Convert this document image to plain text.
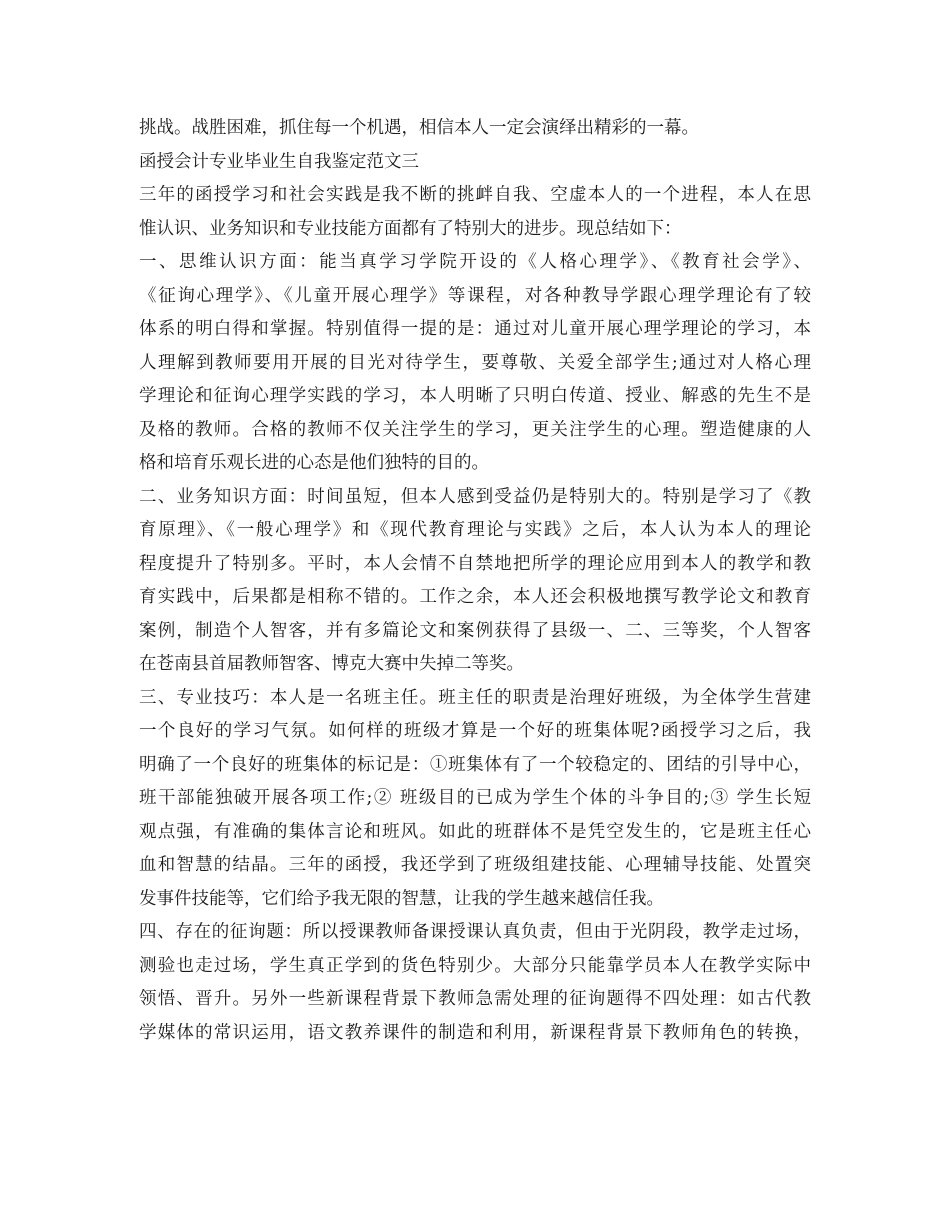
挑战。战胜困难，抓住每一个机遇，相信本人一定会演绎出精彩的一幕。
函授会计专业毕业生自我鉴定范文三
三年的函授学习和社会实践是我不断的挑衅自我、空虚本人的一个进程，本人在思
惟认识、业务知识和专业技能方面都有了特别大的进步。现总结如下：
一、思维认识方面：能当真学习学院开设的《人格心理学》、《教育社会学》、
《征询心理学》、《儿童开展心理学》等课程，对各种教导学跟心理学理论有了较
体系的明白得和掌握。特别值得一提的是：通过对儿童开展心理学理论的学习，本
人理解到教师要用开展的目光对待学生，要尊敬、关爱全部学生;通过对人格心理
学理论和征询心理学实践的学习，本人明晰了只明白传道、授业、解惑的先生不是
及格的教师。合格的教师不仅关注学生的学习，更关注学生的心理。塑造健康的人
格和培育乐观长进的心态是他们独特的目的。
二、业务知识方面：时间虽短，但本人感到受益仍是特别大的。特别是学习了《教
育原理》、《一般心理学》和《现代教育理论与实践》之后，本人认为本人的理论
程度提升了特别多。平时，本人会情不自禁地把所学的理论应用到本人的教学和教
育实践中，后果都是相称不错的。工作之余，本人还会积极地撰写教学论文和教育
案例，制造个人智客，并有多篇论文和案例获得了县级一、二、三等奖，个人智客
在苍南县首届教师智客、博克大赛中失掉二等奖。
三、专业技巧：本人是一名班主任。班主任的职责是治理好班级，为全体学生营建
一个良好的学习气氛。如何样的班级才算是一个好的班集体呢?函授学习之后，我
明确了一个良好的班集体的标记是：①班集体有了一个较稳定的、团结的引导中心，
班干部能独破开展各项工作;② 班级目的已成为学生个体的斗争目的;③ 学生长短
观点强，有准确的集体言论和班风。如此的班群体不是凭空发生的，它是班主任心
血和智慧的结晶。三年的函授，我还学到了班级组建技能、心理辅导技能、处置突
发事件技能等，它们给予我无限的智慧，让我的学生越来越信任我。
四、存在的征询题：所以授课教师备课授课认真负责，但由于光阴段，教学走过场，
测验也走过场，学生真正学到的货色特别少。大部分只能靠学员本人在教学实际中
领悟、晋升。另外一些新课程背景下教师急需处理的征询题得不四处理：如古代教
学媒体的常识运用，语文教养课件的制造和利用，新课程背景下教师角色的转换，
